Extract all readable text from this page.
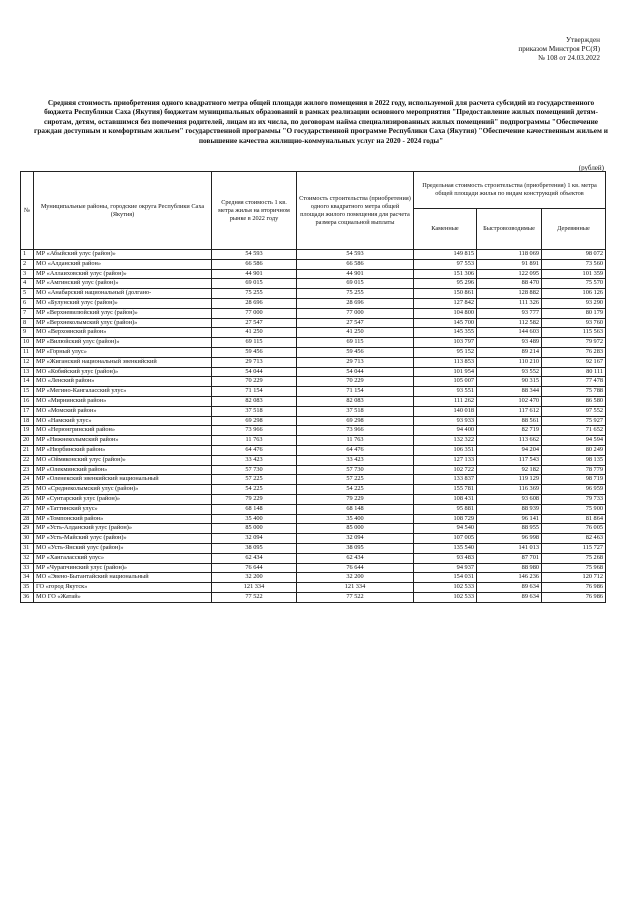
Утвержден
приказом Минстроя РС(Я)
№ 108 от 24.03.2022
Средняя стоимость приобретения одного квадратного метра общей площади жилого помещения в 2022 году, используемой для расчета субсидий из государственного бюджета Республики Саха (Якутия) бюджетам муниципальных образований в рамках реализации основного мероприятия "Предоставление жилых помещений детям-сиротам, детям, оставшимся без попечения родителей, лицам из их числа, по договорам найма специализированных жилых помещений" подпрограммы "Обеспечение граждан доступным и комфортным жильем" государственной программы "О государственной программе Республики Саха (Якутия) "Обеспечение качественным жильем и повышение качества жилищно-коммунальных услуг на 2020 - 2024 годы"
(рублей)
№	Муниципальные районы, городские округа Республики Саха (Якутия)	Средняя стоимость 1 кв. метра жилья на вторичном рынке в 2022 году	Стоимость строительства (приобретения) одного квадратного метра общей площади жилого помещения для расчета размера социальной выплаты	Предельная стоимость строительства (приобретения) 1 кв. метра общей площади жилья по видам конструкций объектов		
				Каменные	Быстровозводимые	Деревянные
1	МР «Абыйский улус (район)»	54 593	54 593	149 815	118 069	98 072
2	МО «Алданский район»	66 586	66 586	97 553	91 891	73 560
3	МР «Аллаиховский улус (район)»	44 901	44 901	151 306	122 095	101 359
4	МР «Амгинский улус (район)»	69 015	69 015	95 296	88 470	75 570
5	МО «Анабарский национальный (долгано-	75 255	75 255	150 861	128 882	106 126
6	МО «Булунский улус (район)»	28 696	28 696	127 842	111 326	93 290
7	МР «Верхневилюйский улус (район)»	77 000	77 000	104 800	93 777	80 179
8	МР «Верхнеколымский улус (район)»	27 547	27 547	145 700	112 582	93 760
9	МО «Верхоянский район»	41 250	41 250	145 355	144 603	115 563
10	МР «Вилюйский улус (район)»	69 115	69 115	103 797	93 489	79 972
11	МР «Горный улус»	59 456	59 456	95 152	89 214	76 283
12	МР «Жиганский национальный эвенкийский	29 713	29 713	113 853	110 210	92 167
13	МО «Кобяйский улус (район)»	54 044	54 044	101 954	93 552	80 111
14	МО «Ленский район»	70 229	70 229	105 007	90 315	77 478
15	МР «Мегино-Кангаласский улус»	71 154	71 154	93 551	88 344	75 788
16	МО «Мирнинский район»	82 083	82 083	111 262	102 470	86 580
17	МО «Момский район»	37 518	37 518	140 018	117 612	97 552
18	МО «Намский улус»	69 298	69 298	93 933	88 561	75 927
19	МО «Нерюнгринский район»	73 966	73 966	94 400	82 719	71 652
20	МР «Нижнеколымский район»	11 763	11 763	132 322	113 662	94 594
21	МР «Нюрбинский район»	64 476	64 476	106 351	94 204	80 249
22	МО «Оймяконский улус (район)»	33 423	33 423	127 133	117 543	98 135
23	МР «Олекминский район»	57 730	57 730	102 722	92 182	78 779
24	МР «Оленекский эвенкийский национальный	57 225	57 225	133 837	119 129	98 719
25	МО «Среднеколымский улус (район)»	54 225	54 225	155 781	116 369	96 959
26	МР «Сунтарский улус (район)»	79 229	79 229	108 431	93 608	79 733
27	МР «Таттинский улус»	68 148	68 148	95 881	88 939	75 900
28	МР «Томпонский район»	35 400	35 400	108 729	96 141	81 864
29	МР «Усть-Алданский улус (район)»	85 000	85 000	94 540	88 955	76 005
30	МР «Усть-Майский улус (район)»	32 094	32 094	107 005	96 998	82 463
31	МО «Усть-Янский улус (район)»	38 095	38 095	135 540	141 013	115 727
32	МР «Хангаласский улус»	62 434	62 434	93 483	87 701	75 268
33	МР «Чурапчинский улус (район)»	76 644	76 644	94 937	88 980	75 968
34	МО «Эвено-Бытантайский национальный	32 200	32 200	154 031	146 236	120 712
35	ГО «город Якутск»	121 334	121 334	102 533	89 634	76 986
36	МО ГО «Жатай»	77 522	77 522	102 533	89 634	76 986
